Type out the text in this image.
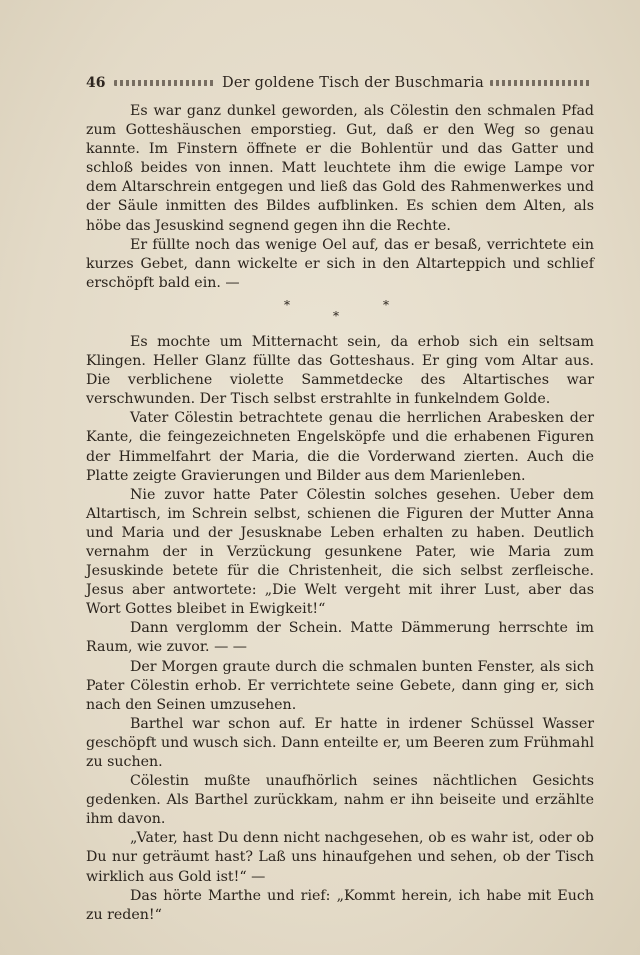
46	Der goldene Tisch der Buschmaria

Es war ganz dunkel geworden, als Cölestin den schmalen Pfad zum Gotteshäuschen emporstieg. Gut, daß er den Weg so genau kannte. Im Finstern öffnete er die Bohlentür und das Gatter und schloß beides von innen. Matt leuchtete ihm die ewige Lampe vor dem Altarschrein entgegen und ließ das Gold des Rahmenwerkes und der Säule inmitten des Bildes aufblinken. Es schien dem Alten, als höbe das Jesuskind segnend gegen ihn die Rechte.

Er füllte noch das wenige Oel auf, das er besaß, verrichtete ein kurzes Gebet, dann wickelte er sich in den Altarteppich und schlief erschöpft bald ein. —

*	*
*

Es mochte um Mitternacht sein, da erhob sich ein seltsam Klingen. Heller Glanz füllte das Gotteshaus. Er ging vom Altar aus. Die verblichene violette Sammetdecke des Altartisches war verschwunden. Der Tisch selbst erstrahlte in funkelndem Golde.

Vater Cölestin betrachtete genau die herrlichen Arabesken der Kante, die feingezeichneten Engelsköpfe und die erhabenen Figuren der Himmelfahrt der Maria, die die Vorderwand zierten. Auch die Platte zeigte Gravierungen und Bilder aus dem Marienleben.

Nie zuvor hatte Pater Cölestin solches gesehen. Ueber dem Altartisch, im Schrein selbst, schienen die Figuren der Mutter Anna und Maria und der Jesusknabe Leben erhalten zu haben. Deutlich vernahm der in Verzückung gesunkene Pater, wie Maria zum Jesuskinde betete für die Christenheit, die sich selbst zerfleische. Jesus aber antwortete: „Die Welt vergeht mit ihrer Lust, aber das Wort Gottes bleibet in Ewigkeit!“

Dann verglomm der Schein. Matte Dämmerung herrschte im Raum, wie zuvor. — —

Der Morgen graute durch die schmalen bunten Fenster, als sich Pater Cölestin erhob. Er verrichtete seine Gebete, dann ging er, sich nach den Seinen umzusehen.

Barthel war schon auf. Er hatte in irdener Schüssel Wasser geschöpft und wusch sich. Dann enteilte er, um Beeren zum Frühmahl zu suchen.

Cölestin mußte unaufhörlich seines nächtlichen Gesichts gedenken. Als Barthel zurückkam, nahm er ihn beiseite und erzählte ihm davon.

„Vater, hast Du denn nicht nachgesehen, ob es wahr ist, oder ob Du nur geträumt hast? Laß uns hinaufgehen und sehen, ob der Tisch wirklich aus Gold ist!“ —

Das hörte Marthe und rief: „Kommt herein, ich habe mit Euch zu reden!“
